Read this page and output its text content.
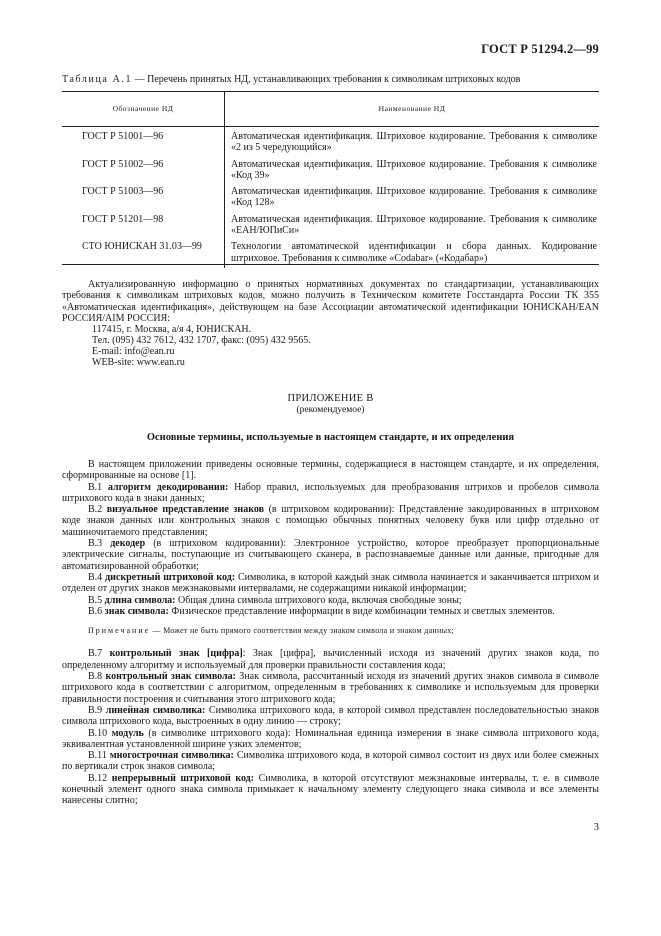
ГОСТ Р 51294.2—99
Таблица А.1 — Перечень принятых НД, устанавливающих требования к символикам штриховых кодов
Обозначение НД	Наименование НД
ГОСТ Р 51001—96	Автоматическая идентификация. Штриховое кодирование. Требования к символике «2 из 5 чередующийся»
ГОСТ Р 51002—96	Автоматическая идентификация. Штриховое кодирование. Требования к символике «Код 39»
ГОСТ Р 51003—96	Автоматическая идентификация. Штриховое кодирование. Требования к символике «Код 128»
ГОСТ Р 51201—98	Автоматическая идентификация. Штриховое кодирование. Требования к символике «ЕАН/ЮПиСи»
СТО ЮНИСКАН 31.03—99	Технологии автоматической идентификации и сбора данных. Кодирование штриховое. Требования к символике «Codabar» («Кодабар»)
Актуализированную информацию о принятых нормативных документах по стандартизации, устанавливающих требования к символикам штриховых кодов, можно получить в Техническом комитете Госстандарта России ТК 355 «Автоматическая идентификация», действующем на базе Ассоциации автоматической идентификации ЮНИСКАН/EAN РОССИЯ/AIM РОССИЯ:
117415, г. Москва, а/я 4, ЮНИСКАН.
Тел. (095) 432 7612, 432 1707, факс: (095) 432 9565.
E-mail: info@ean.ru
WEB-site: www.ean.ru
ПРИЛОЖЕНИЕ В
(рекомендуемое)
Основные термины, используемые в настоящем стандарте, и их определения

В настоящем приложении приведены основные термины, содержащиеся в настоящем стандарте, и их определения, сформированные на основе [1].

В.1 алгоритм декодирования: Набор правил, используемых для преобразования штрихов и пробелов символа штрихового кода в знаки данных;

В.2 визуальное представление знаков (в штриховом кодировании): Представление закодированных в штриховом коде знаков данных или контрольных знаков с помощью обычных понятных человеку букв или цифр отдельно от машиночитаемого представления;

В.3 декодер (в штриховом кодировании): Электронное устройство, которое преобразует пропорциональные электрические сигналы, поступающие из считывающего сканера, в распознаваемые данные или данные, пригодные для автоматизированной обработки;

В.4 дискретный штриховой код: Символика, в которой каждый знак символа начинается и заканчивается штрихом и отделен от других знаков межзнаковыми интервалами, не содержащими никакой информации;

В.5 длина символа: Общая длина символа штрихового кода, включая свободные зоны;

В.6 знак символа: Физическое представление информации в виде комбинации темных и светлых элементов.

Примечание — Может не быть прямого соответствия между знаком символа и знаком данных;

В.7 контрольный знак [цифра]: Знак [цифра], вычисленный исходя из значений других знаков кода, по определенному алгоритму и используемый для проверки правильности составления кода;

В.8 контрольный знак символа: Знак символа, рассчитанный исходя из значений других знаков символа в символе штрихового кода в соответствии с алгоритмом, определенным в требованиях к символике и используемым для проверки правильности построения и считывания этого штрихового кода;

В.9 линейная символика: Символика штрихового кода, в которой символ представлен последовательностью знаков символа штрихового кода, выстроенных в одну линию — строку;

В.10 модуль (в символике штрихового кода): Номинальная единица измерения в знаке символа штрихового кода, эквивалентная установленной ширине узких элементов;

В.11 многострочная символика: Символика штрихового кода, в которой символ состоит из двух или более смежных по вертикали строк знаков символа;

В.12 непрерывный штриховой код: Символика, в которой отсутствуют межзнаковые интервалы, т. е. в символе конечный элемент одного знака символа примыкает к начальному элементу следующего знака символа и все элементы нанесены слитно;

3
